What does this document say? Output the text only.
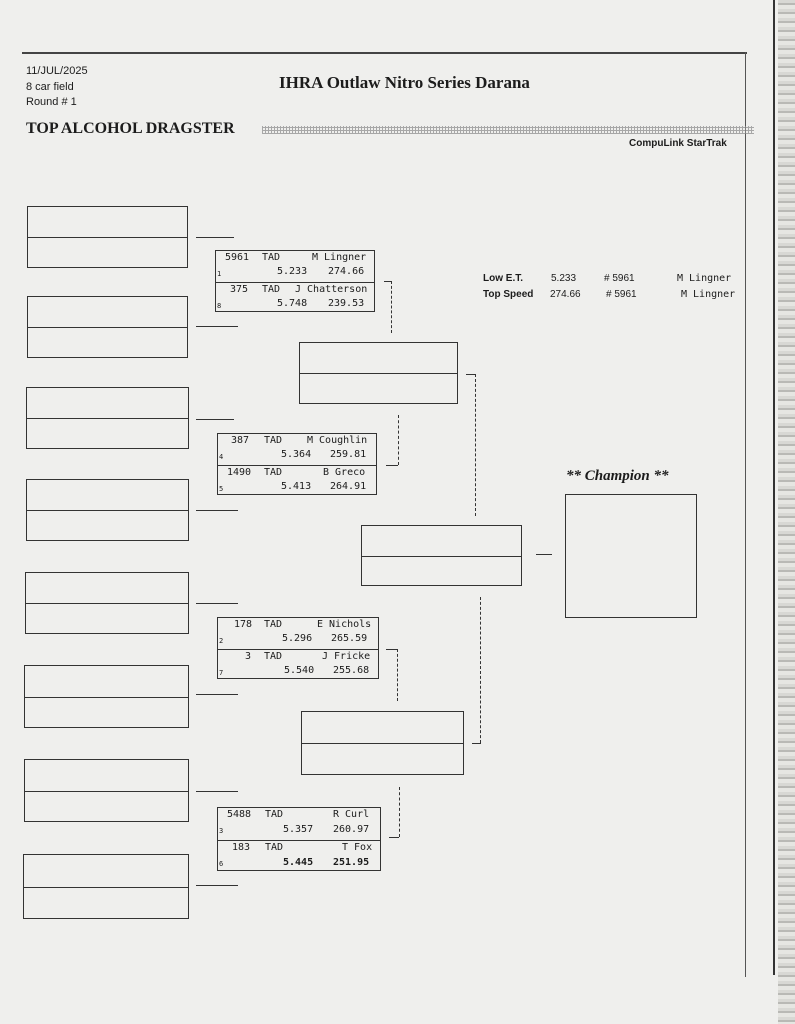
11/JUL/2025
8 car field
Round # 1
IHRA Outlaw Nitro Series Darana
TOP ALCOHOL DRAGSTER
CompuLink StarTrak
Low E.T.	5.233	# 5961	M Lingner
Top Speed 274.66	# 5961	M Lingner
** Champion **
5961 TAD	M Lingner
1	5.233 274.66
375 TAD J Chatterson
8	5.748 239.53
387 TAD M Coughlin
4	5.364 259.81
1490 TAD	B Greco
5	5.413 264.91
178 TAD	E Nichols
2	5.296 265.59
3 TAD	J Fricke
7	5.540 255.68
5488 TAD	R Curl
3	5.357 260.97
183 TAD	T Fox
6	5.445 251.95
